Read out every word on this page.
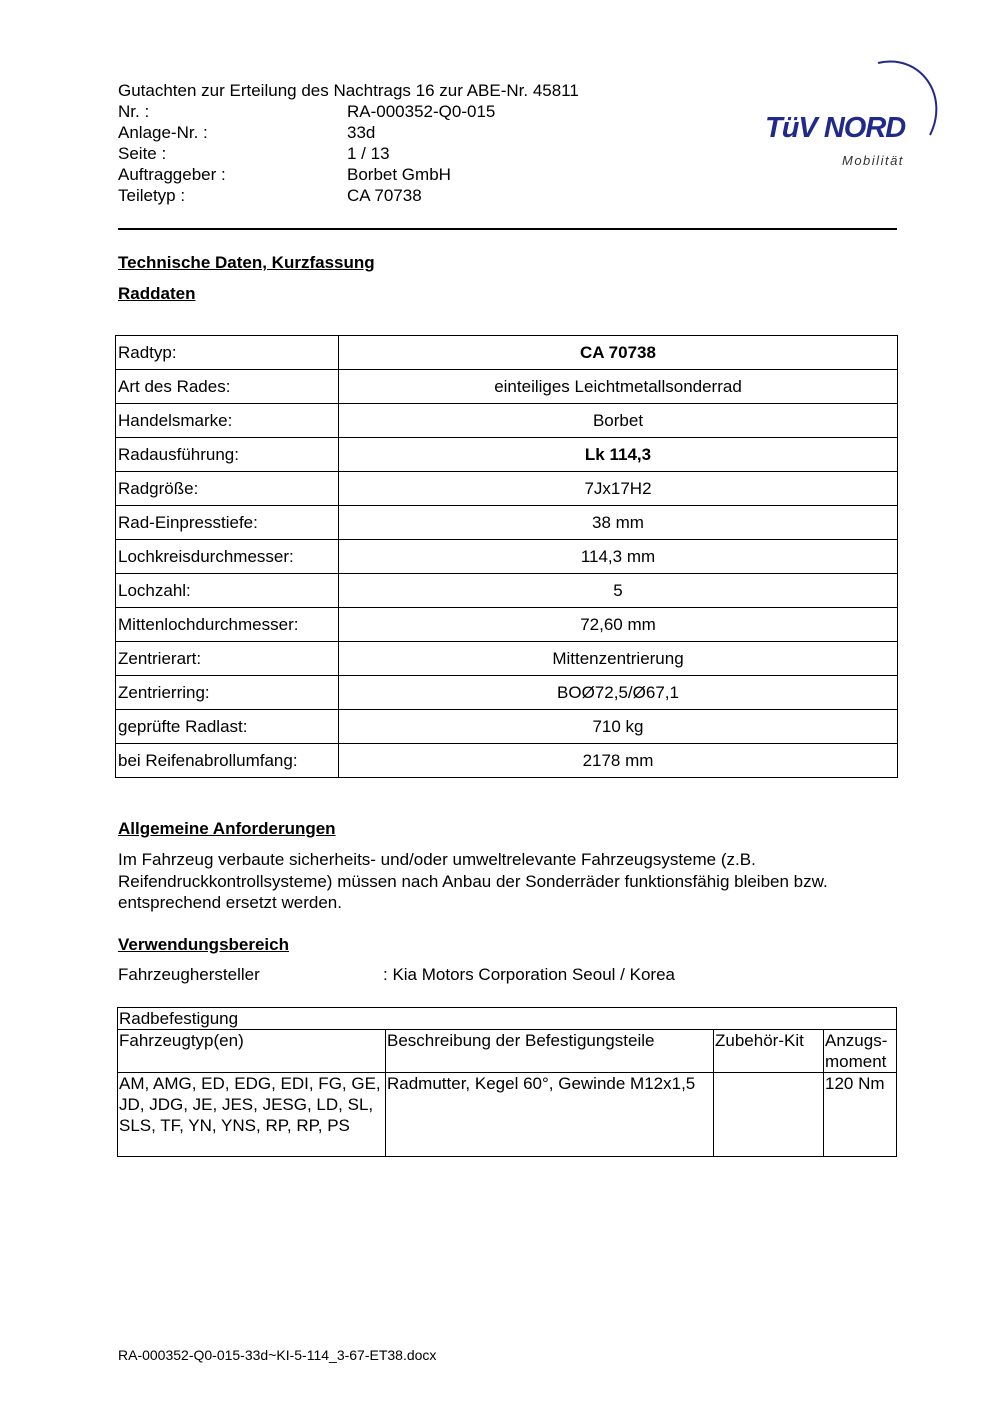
Gutachten zur Erteilung des Nachtrags 16 zur ABE-Nr. 45811
Nr. :	RA-000352-Q0-015
Anlage-Nr. :	33d
Seite :	1 / 13
Auftraggeber :	Borbet GmbH
Teiletyp :	CA 70738
TüV NORD
Mobilität
Technische Daten, Kurzfassung
Raddaten
Radtyp:	CA 70738
Art des Rades:	einteiliges Leichtmetallsonderrad
Handelsmarke:	Borbet
Radausführung:	Lk 114,3
Radgröße:	7Jx17H2
Rad-Einpresstiefe:	38 mm
Lochkreisdurchmesser:	114,3 mm
Lochzahl:	5
Mittenlochdurchmesser:	72,60 mm
Zentrierart:	Mittenzentrierung
Zentrierring:	BOØ72,5/Ø67,1
geprüfte Radlast:	710 kg
bei Reifenabrollumfang:	2178 mm
Allgemeine Anforderungen
Im Fahrzeug verbaute sicherheits- und/oder umweltrelevante Fahrzeugsysteme (z.B. Reifendruckkontrollsysteme) müssen nach Anbau der Sonderräder funktionsfähig bleiben bzw. entsprechend ersetzt werden.
Verwendungsbereich
Fahrzeughersteller	: Kia Motors Corporation Seoul / Korea
Radbefestigung			
Fahrzeugtyp(en)	Beschreibung der Befestigungsteile	Zubehör-Kit	Anzugs-
moment
AM, AMG, ED, EDG, EDI, FG, GE, JD, JDG, JE, JES, JESG, LD, SL, SLS, TF, YN, YNS, RP, RP, PS	Radmutter, Kegel 60°, Gewinde M12x1,5		120 Nm
RA-000352-Q0-015-33d~KI-5-114_3-67-ET38.docx
